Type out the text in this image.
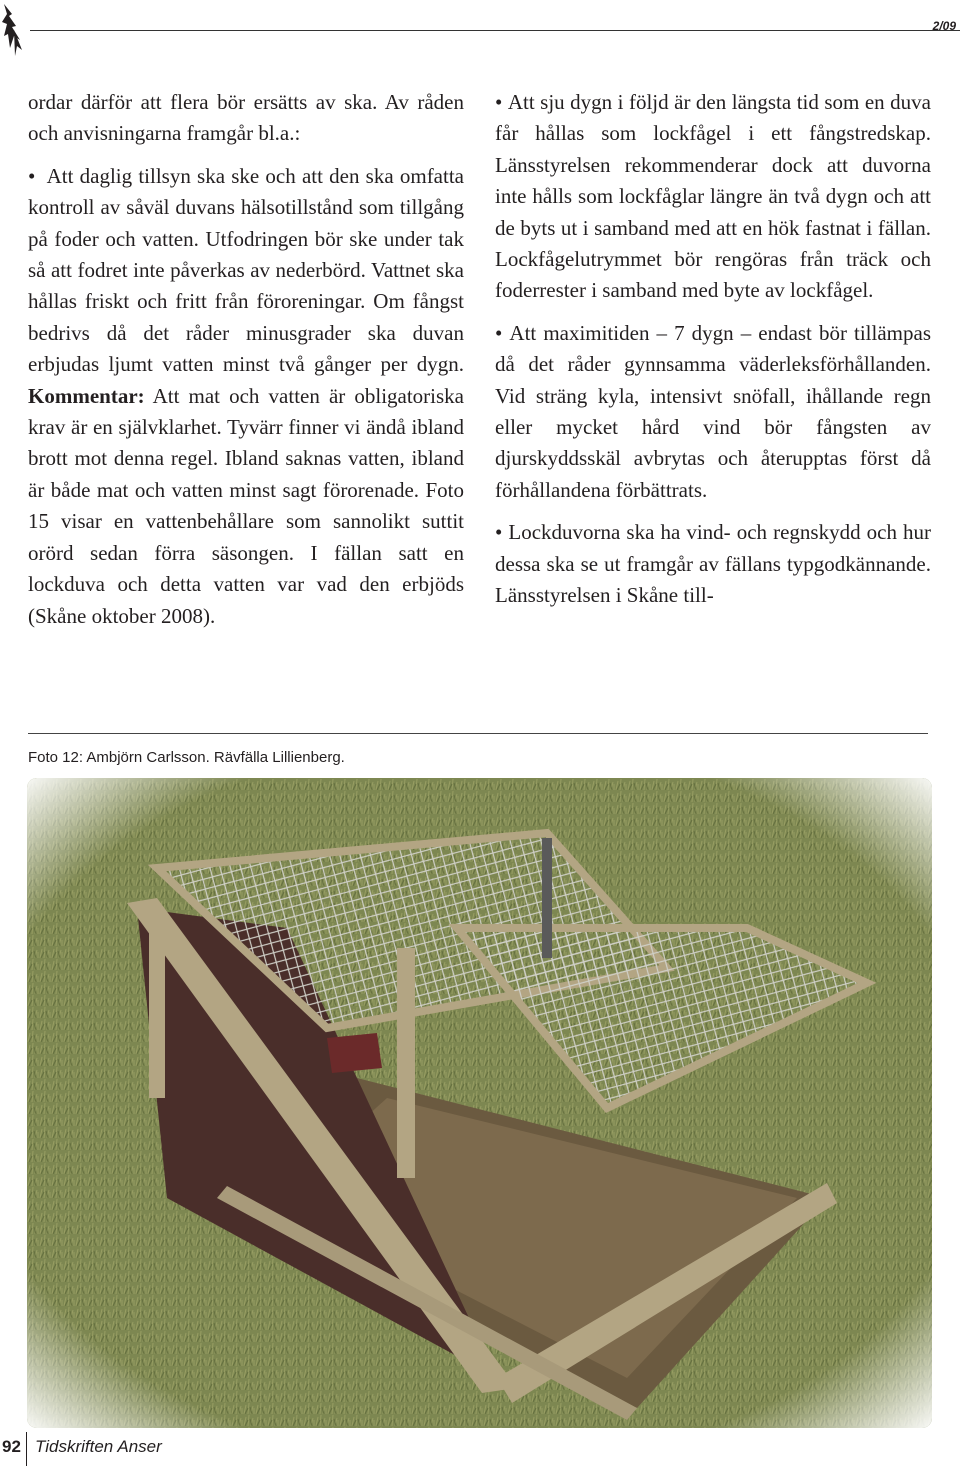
2/09

ordar därför att flera bör ersätts av ska. Av råden och anvisningarna framgår bl.a.:

• Att daglig tillsyn ska ske och att den ska omfatta kontroll av såväl duvans hälsotillstånd som tillgång på foder och vatten. Utfodringen bör ske under tak så att fodret inte påverkas av nederbörd. Vattnet ska hållas friskt och fritt från föroreningar. Om fångst bedrivs då det råder minusgrader ska duvan erbjudas ljumt vatten minst två gånger per dygn. Kommentar: Att mat och vatten är obligatoriska krav är en självklarhet. Tyvärr finner vi ändå ibland brott mot denna regel. Ibland saknas vatten, ibland är både mat och vatten minst sagt förorenade. Foto 15 visar en vattenbehållare som sannolikt suttit orörd sedan förra säsongen. I fällan satt en lockduva och detta vatten var vad den erbjöds (Skåne oktober 2008).

• Att sju dygn i följd är den längsta tid som en duva får hållas som lockfågel i ett fångstredskap. Länsstyrelsen rekommenderar dock att duvorna inte hålls som lockfåglar längre än två dygn och att de byts ut i samband med att en hök fastnat i fällan. Lockfågelutrymmet bör rengöras från träck och foderrester i samband med byte av lockfågel.

• Att maximitiden – 7 dygn – endast bör tillämpas då det råder gynnsamma väderleksförhållanden. Vid sträng kyla, intensivt snöfall, ihållande regn eller mycket hård vind bör fångsten av djurskyddsskäl avbrytas och återupptas först då förhållandena förbättrats.

• Lockduvorna ska ha vind- och regnskydd och hur dessa ska se ut framgår av fällans typgodkännande. Länsstyrelsen i Skåne till-

Foto 12: Ambjörn Carlsson. Rävfälla Lillienberg.
92 Tidskriften Anser
